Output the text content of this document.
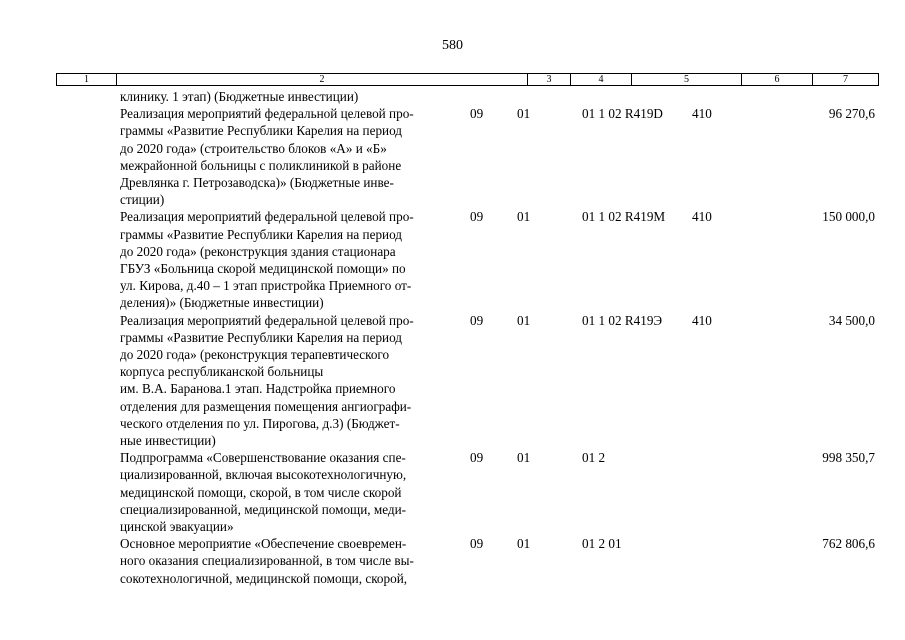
580
1	2	3	4	5	6	7
клинику. 1 этап) (Бюджетные инвестиции)
Реализация мероприятий федеральной целевой про-
граммы «Развитие Республики Карелия на период
до 2020 года» (строительство блоков «А» и «Б»
межрайонной больницы с поликлиникой в районе
Древлянка г. Петрозаводска)» (Бюджетные инве-
стиции)
09	01	01 1 02 R419D 410	96 270,6
Реализация мероприятий федеральной целевой про-
граммы «Развитие Республики Карелия на период
до 2020 года» (реконструкция здания стационара
ГБУЗ «Больница скорой медицинской помощи» по
ул. Кирова, д.40 – 1 этап пристройка Приемного от-
деления)» (Бюджетные инвестиции)
09	01	01 1 02 R419M 410	150 000,0
Реализация мероприятий федеральной целевой про-
граммы «Развитие Республики Карелия на период
до 2020 года» (реконструкция терапевтического
корпуса республиканской больницы
им. В.А. Баранова.1 этап. Надстройка приемного
отделения для размещения помещения ангиографи-
ческого отделения по ул. Пирогова, д.3) (Бюджет-
ные инвестиции)
09	01	01 1 02 R419Э 410	34 500,0
Подпрограмма «Совершенствование оказания спе-
циализированной, включая высокотехнологичную,
медицинской помощи, скорой, в том числе скорой
специализированной, медицинской помощи, меди-
цинской эвакуации»
09	01	01 2	998 350,7
Основное мероприятие «Обеспечение своевремен-
ного оказания специализированной, в том числе вы-
сокотехнологичной, медицинской помощи, скорой,
09	01	01 2 01	762 806,6
